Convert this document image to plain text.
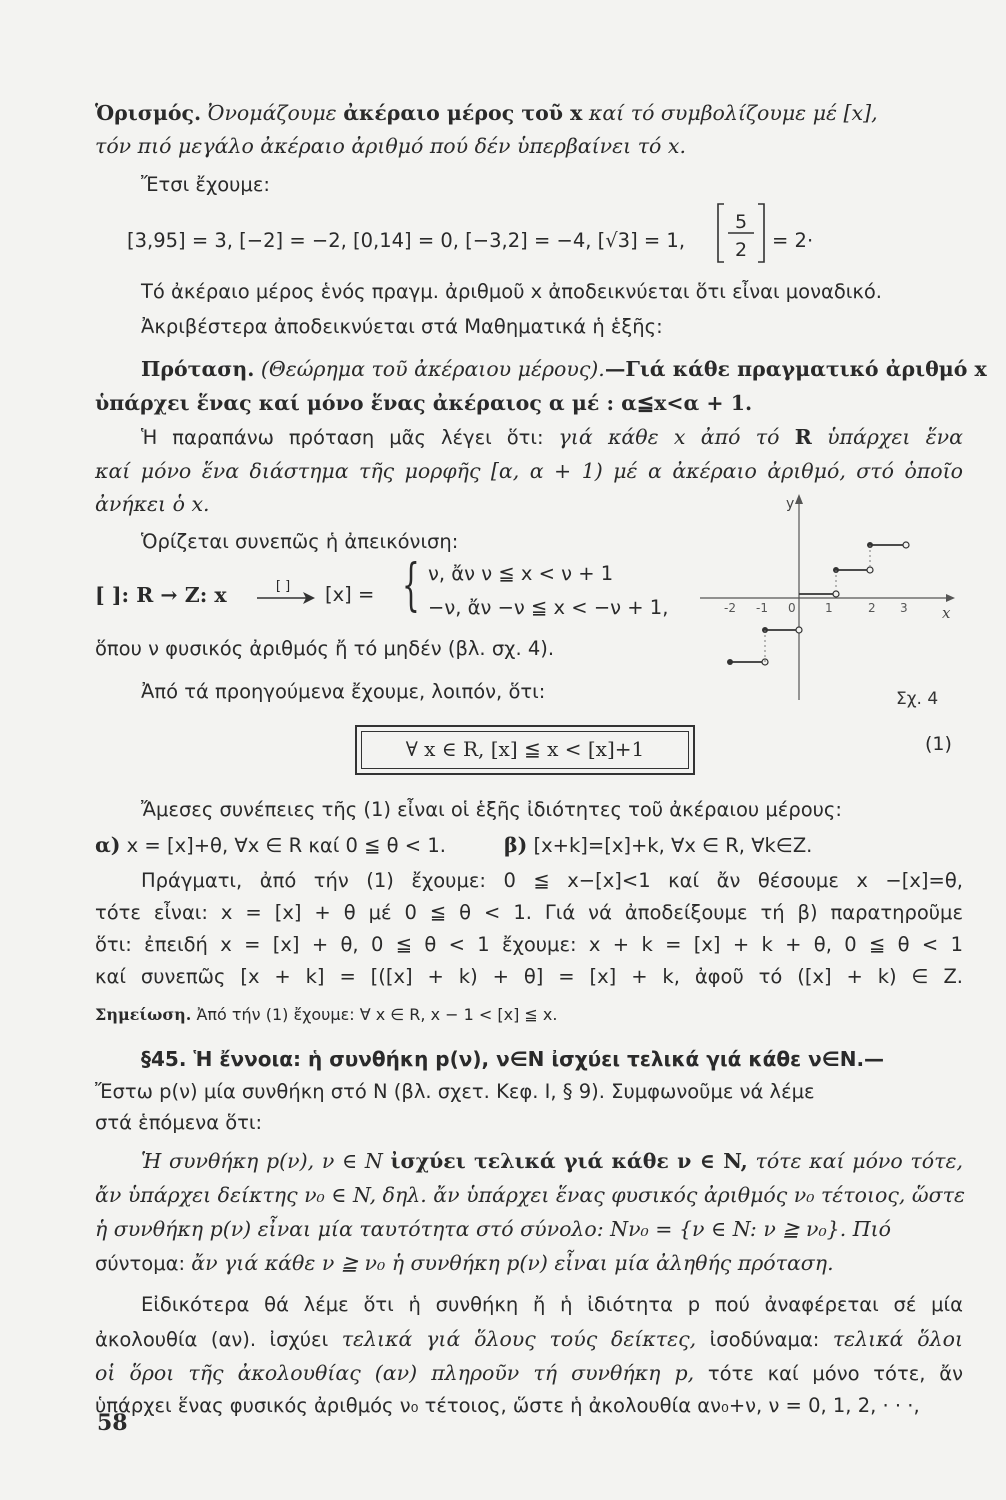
Ὁρισμός. Ὀνομάζουμε ἀκέραιο μέρος τοῦ x καί τό συμβολίζουμε μέ [x],
τόν πιό μεγάλο ἀκέραιο ἀριθμό πού δέν ὑπερβαίνει τό x.
Ἔτσι ἔχουμε:
[3,95] = 3, [−2] = −2, [0,14] = 0, [−3,2] = −4, [√3] = 1,
5
2 = 2·
Τό ἀκέραιο μέρος ἑνός πραγμ. ἀριθμοῦ x ἀποδεικνύεται ὅτι εἶναι μοναδικό.
Ἀκριβέστερα ἀποδεικνύεται στά Μαθηματικά ἡ ἑξῆς:
Πρόταση. (Θεώρημα τοῦ ἀκέραιου μέρους).—Γιά κάθε πραγματικό ἀριθμό x
ὑπάρχει ἕνας καί μόνο ἕνας ἀκέραιος α μέ : α≦x<α + 1.
Ἡ παραπάνω πρόταση μᾶς λέγει ὅτι: γιά κάθε x ἀπό τό R ὑπάρχει ἕνα
καί μόνο ἕνα διάστημα τῆς μορφῆς [α, α + 1) μέ α ἀκέραιο ἀριθμό, στό ὁποῖο
ἀνήκει ὁ x.
Ὁρίζεται συνεπῶς ἡ ἀπεικόνιση:
[ ]: R → Z: x	[ ] [x] = { ν, ἄν ν ≦ x < ν + 1
−ν, ἄν −ν ≦ x < −ν + 1,
ὅπου ν φυσικός ἀριθμός ἤ τό μηδέν (βλ. σχ. 4).
Ἀπό τά προηγούμενα ἔχουμε, λοιπόν, ὅτι:
y
x
-2 -1 0 1	2 3
Σχ. 4
∀ x ∈ R, [x] ≦ x < [x]+1	(1)
Ἄμεσες συνέπειες τῆς (1) εἶναι οἱ ἑξῆς ἰδιότητες τοῦ ἀκέραιου μέρους:
α) x = [x]+θ, ∀x ∈ R καί 0 ≦ θ < 1.	β) [x+k]=[x]+k, ∀x ∈ R, ∀k∈Z.
Πράγματι, ἀπό τήν (1) ἔχουμε: 0 ≦ x−[x]<1 καί ἄν θέσουμε x −[x]=θ,
τότε εἶναι: x = [x] + θ μέ 0 ≦ θ < 1. Γιά νά ἀποδείξουμε τή β) παρατηροῦμε
ὅτι: ἐπειδή x = [x] + θ, 0 ≦ θ < 1 ἔχουμε: x + k = [x] + k + θ, 0 ≦ θ < 1
καί συνεπῶς [x + k] = [([x] + k) + θ] = [x] + k, ἀφοῦ τό ([x] + k) ∈ Z.
Σημείωση. Ἀπό τήν (1) ἔχουμε: ∀ x ∈ R, x − 1 < [x] ≦ x.
§45. Ἡ ἔννοια: ἡ συνθήκη p(ν), ν∈N ἰσχύει τελικά γιά κάθε ν∈N.—
Ἔστω p(ν) μία συνθήκη στό N (βλ. σχετ. Κεφ. I, § 9). Συμφωνοῦμε νά λέμε
στά ἑπόμενα ὅτι:
Ἡ συνθήκη p(ν), ν ∈ N ἰσχύει τελικά γιά κάθε ν ∈ N, τότε καί μόνο τότε,
ἄν ὑπάρχει δείκτης ν₀ ∈ N, δηλ. ἄν ὑπάρχει ἕνας φυσικός ἀριθμός ν₀ τέτοιος, ὥστε
ἡ συνθήκη p(ν) εἶναι μία ταυτότητα στό σύνολο: Nν₀ = {ν ∈ N: ν ≧ ν₀}. Πιό
σύντομα: ἄν γιά κάθε ν ≧ ν₀ ἡ συνθήκη p(ν) εἶναι μία ἀληθής πρόταση.
Εἰδικότερα θά λέμε ὅτι ἡ συνθήκη ἤ ἡ ἰδιότητα p πού ἀναφέρεται σέ μία
ἀκολουθία (αν). ἰσχύει τελικά γιά ὅλους τούς δείκτες, ἰσοδύναμα: τελικά ὅλοι
οἱ ὅροι τῆς ἀκολουθίας (αν) πληροῦν τή συνθήκη p, τότε καί μόνο τότε, ἄν
ὑπάρχει ἕνας φυσικός ἀριθμός ν₀ τέτοιος, ὥστε ἡ ἀκολουθία αν₀+ν, ν = 0, 1, 2, · · ·,
58
